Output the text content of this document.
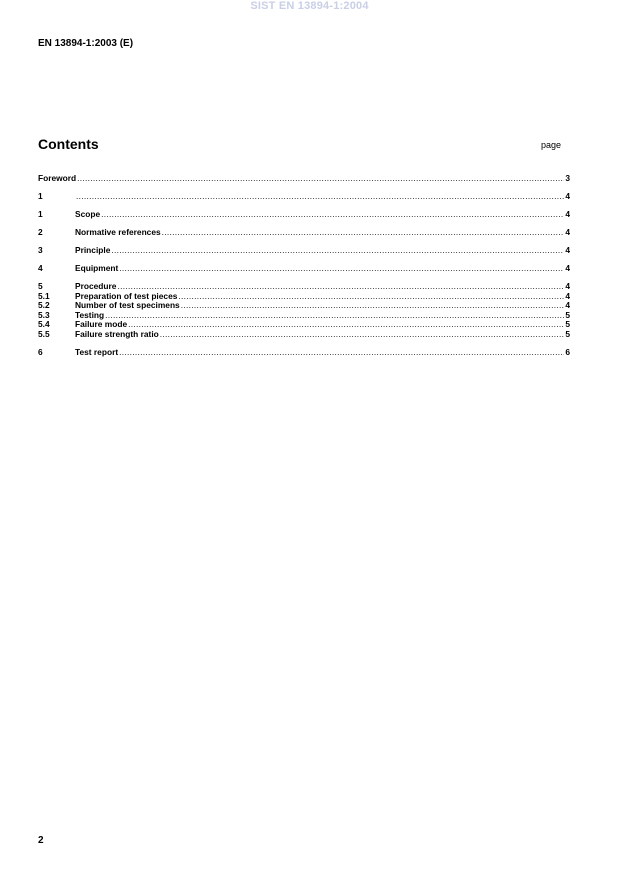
SIST EN 13894-1:2004
EN 13894-1:2003 (E)
Contents	page
Foreword .....	3
1 .....	4
1	Scope .....	4
2	Normative references .....	4
3	Principle .....	4
4	Equipment .....	4
5	Procedure .....	4
5.1	Preparation of test pieces .....	4
5.2	Number of test specimens .....	4
5.3	Testing .....	5
5.4	Failure mode .....	5
5.5	Failure strength ratio .....	5
6	Test report .....	6
2
